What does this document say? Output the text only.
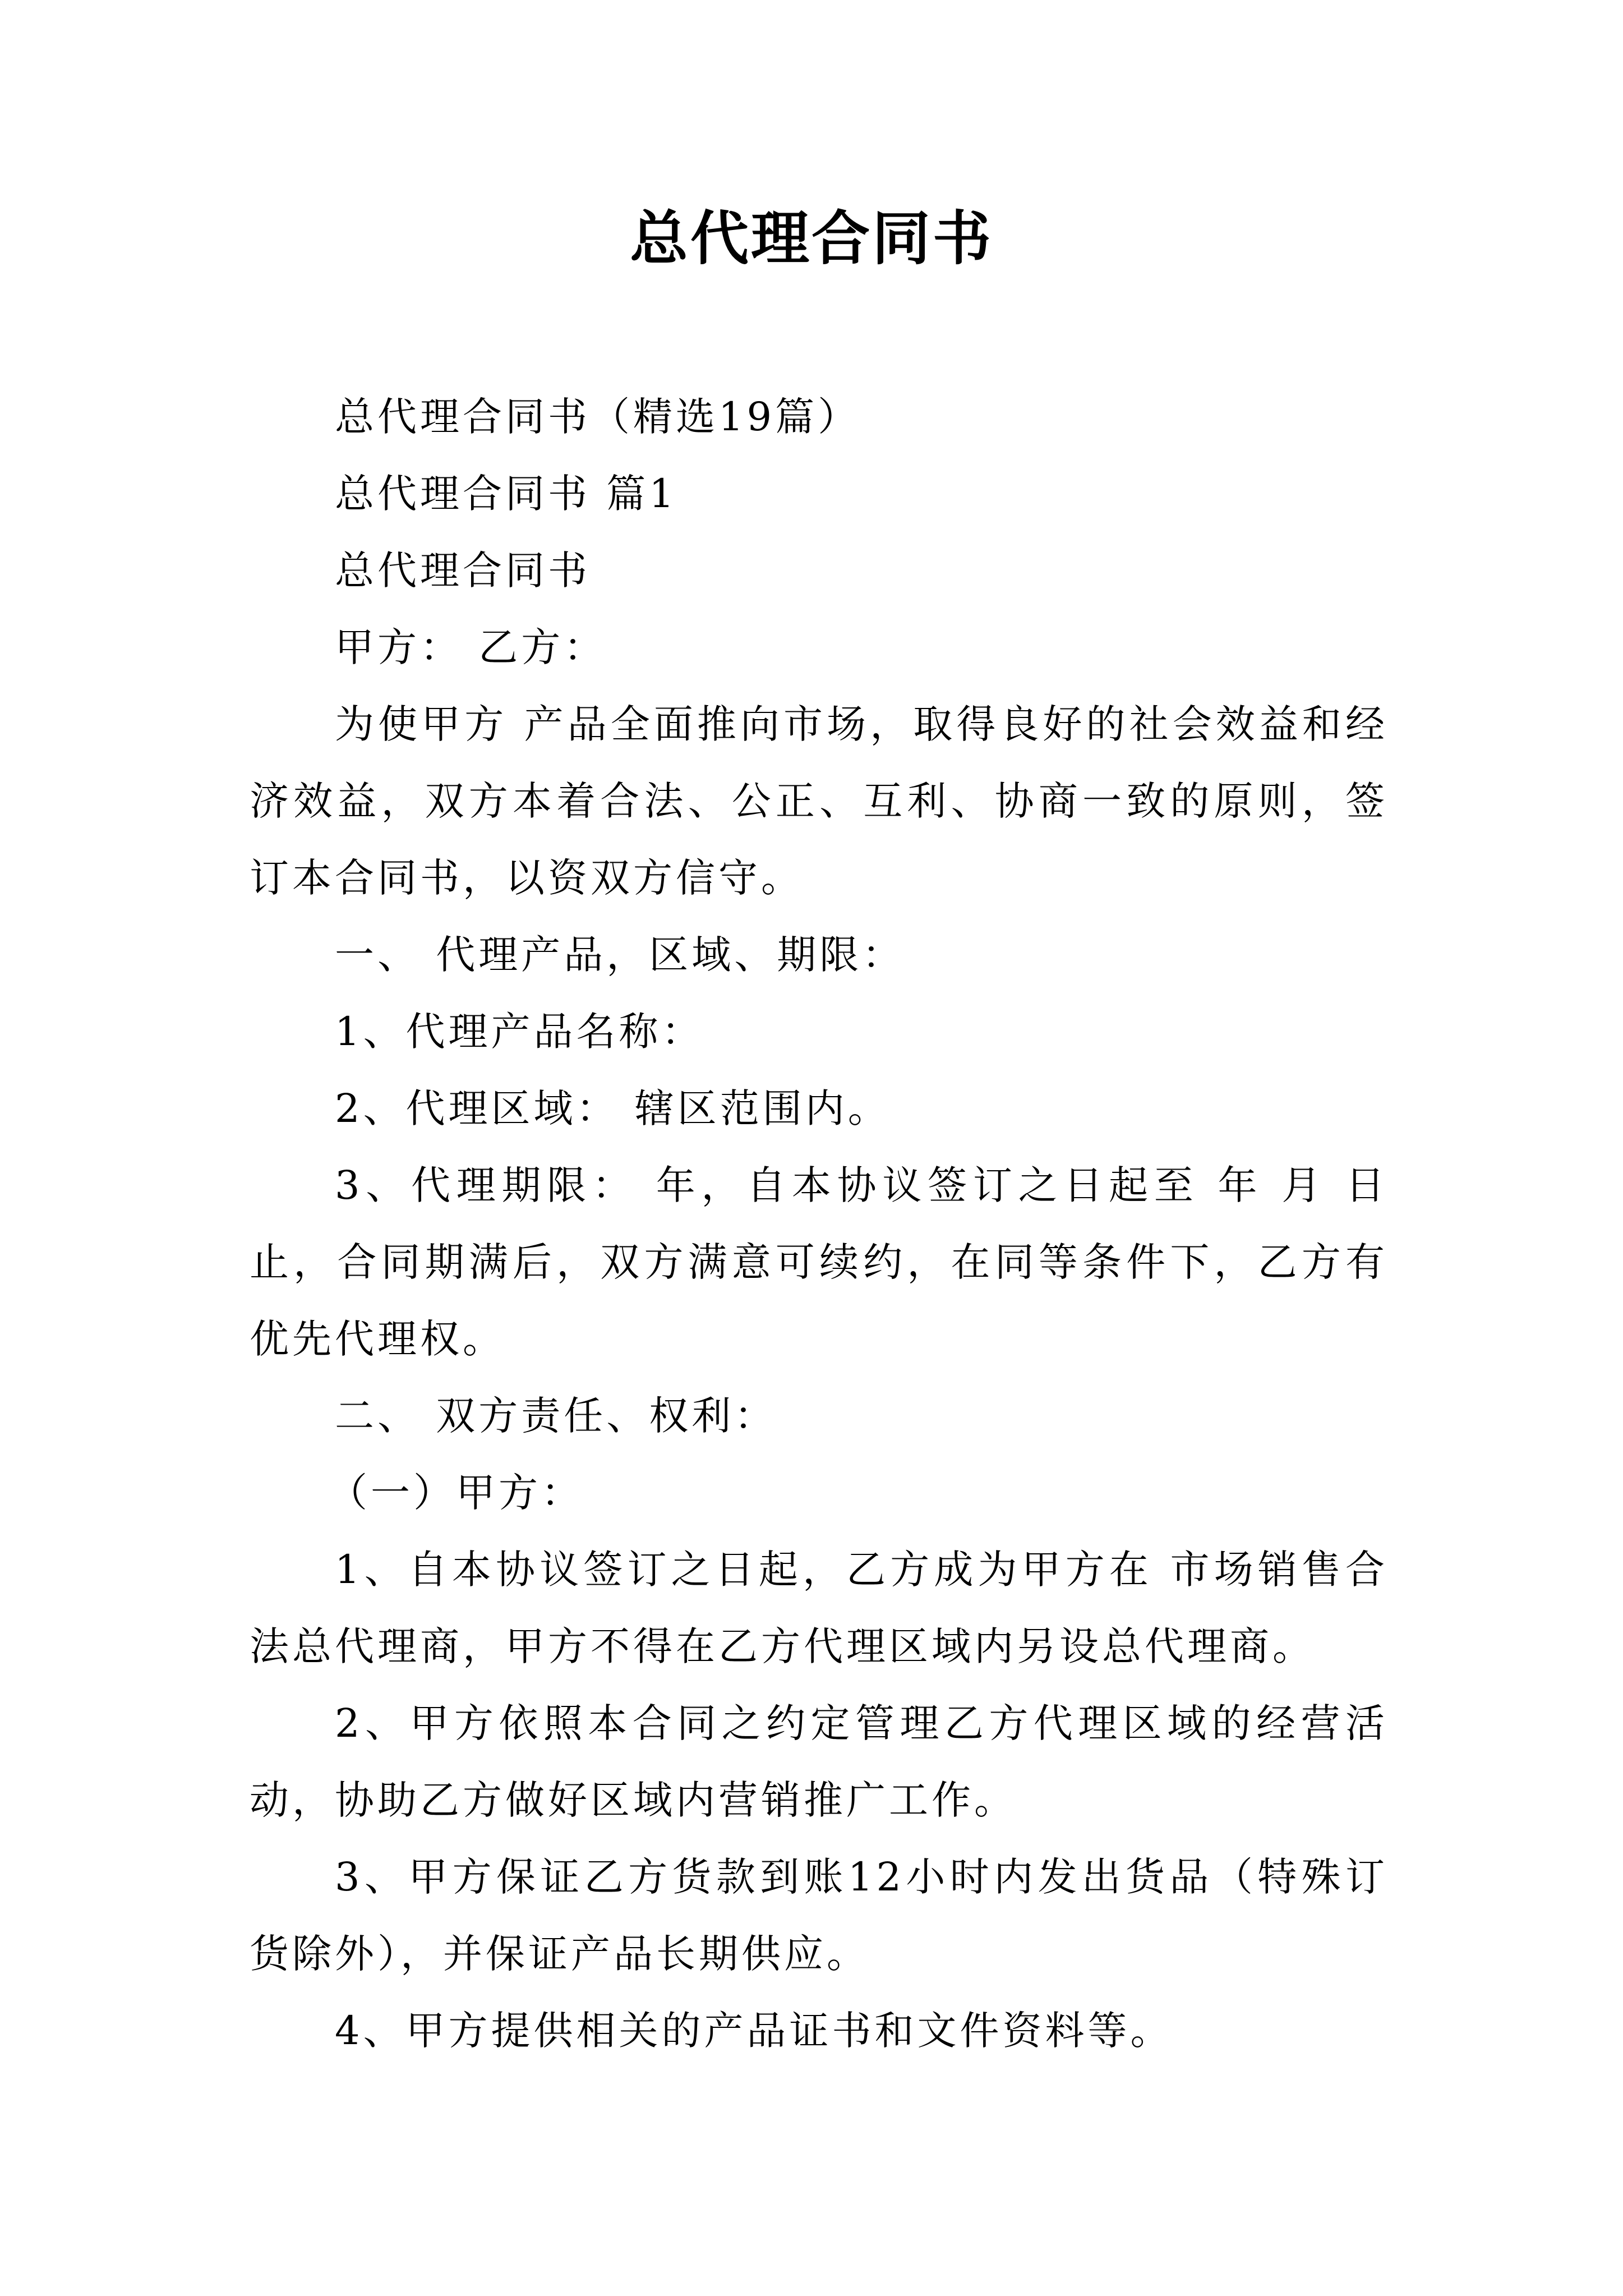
总代理合同书

总代理合同书（精选19篇）

总代理合同书 篇1

总代理合同书

甲方： 乙方：

为使甲方 产品全面推向市场，取得良好的社会效益和经济效益，双方本着合法、公正、互利、协商一致的原则，签订本合同书，以资双方信守。

一、 代理产品，区域、期限：

1、代理产品名称：

2、代理区域： 辖区范围内。

3、代理期限： 年，自本协议签订之日起至 年 月 日止，合同期满后，双方满意可续约，在同等条件下，乙方有优先代理权。

二、 双方责任、权利：

（一）甲方：

1、自本协议签订之日起，乙方成为甲方在 市场销售合法总代理商，甲方不得在乙方代理区域内另设总代理商。

2、甲方依照本合同之约定管理乙方代理区域的经营活动，协助乙方做好区域内营销推广工作。

3、甲方保证乙方货款到账12小时内发出货品（特殊订货除外），并保证产品长期供应。

4、甲方提供相关的产品证书和文件资料等。
